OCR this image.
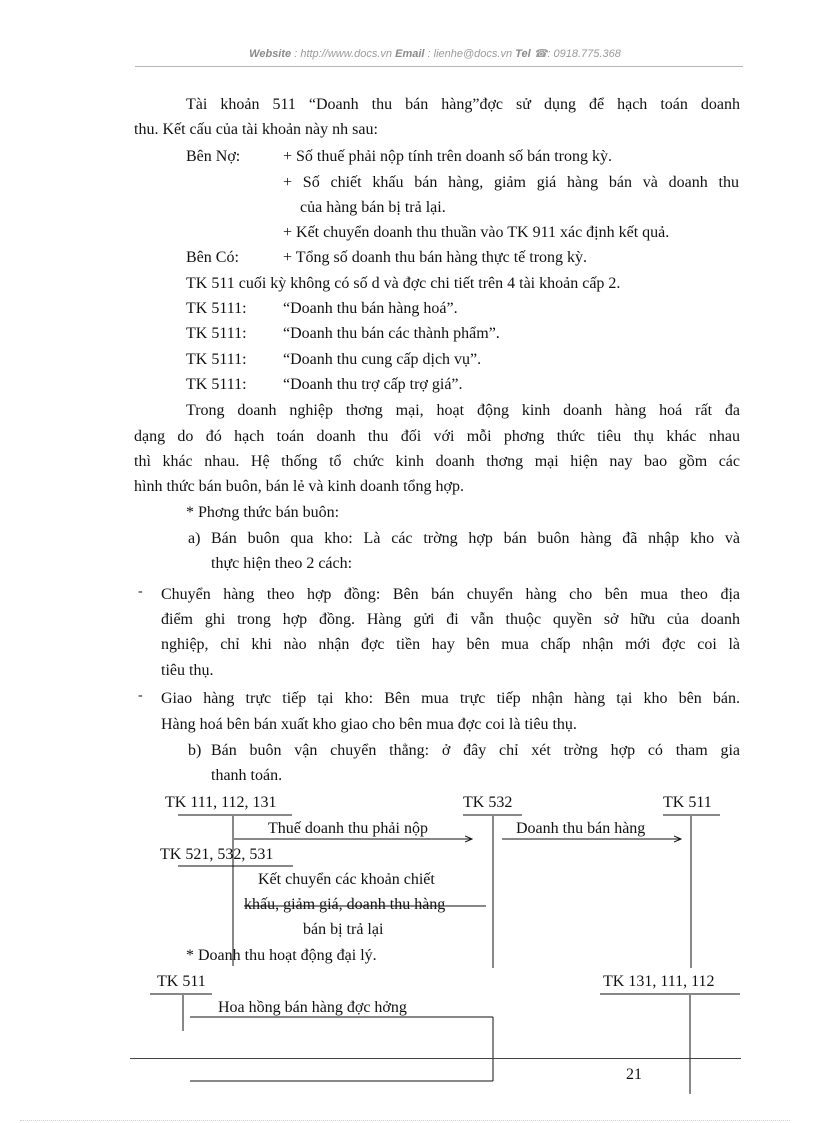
Website : http://www.docs.vn Email : lienhe@docs.vn Tel ☎: 0918.775.368
Tài khoản 511 “Doanh thu bán hàng”đợc sử dụng để hạch toán doanh
thu. Kết cấu của tài khoản này nh sau:
Bên Nợ:	+ Số thuế phải nộp tính trên doanh số bán trong kỳ.
+ Số chiết khấu bán hàng, giảm giá hàng bán và doanh thu
của hàng bán bị trả lại.
+ Kết chuyển doanh thu thuần vào TK 911 xác định kết quả.
Bên Có:	+ Tổng số doanh thu bán hàng thực tế trong kỳ.
TK 511 cuối kỳ không có số d và đợc chi tiết trên 4 tài khoản cấp 2.
TK 5111: “Doanh thu bán hàng hoá”.
TK 5111: “Doanh thu bán các thành phẩm”.
TK 5111: “Doanh thu cung cấp dịch vụ”.
TK 5111: “Doanh thu trợ cấp trợ giá”.
Trong doanh nghiệp thơng mại, hoạt động kinh doanh hàng hoá rất đa
dạng do đó hạch toán doanh thu đối với mỗi phơng thức tiêu thụ khác nhau
thì khác nhau. Hệ thống tổ chức kinh doanh thơng mại hiện nay bao gồm các
hình thức bán buôn, bán lẻ và kinh doanh tổng hợp.
* Phơng thức bán buôn:
a) Bán buôn qua kho: Là các trờng hợp bán buôn hàng đã nhập kho và
thực hiện theo 2 cách:
- Chuyển hàng theo hợp đồng: Bên bán chuyển hàng cho bên mua theo địa
điểm ghi trong hợp đồng. Hàng gửi đi vẫn thuộc quyền sở hữu của doanh
nghiệp, chỉ khi nào nhận đợc tiền hay bên mua chấp nhận mới đợc coi là
tiêu thụ.
- Giao hàng trực tiếp tại kho: Bên mua trực tiếp nhận hàng tại kho bên bán.
Hàng hoá bên bán xuất kho giao cho bên mua đợc coi là tiêu thụ.
b) Bán buôn vận chuyển thẳng: ở đây chỉ xét trờng hợp có tham gia
thanh toán.
TK 111, 112, 131	TK 532	TK 511
Thuế doanh thu phải nộp	Doanh thu bán hàng
TK 521, 532, 531
Kết chuyển các khoản chiết
khấu, giảm giá, doanh thu hàng
bán bị trả lại
* Doanh thu hoạt động đại lý.
TK 511	TK 131, 111, 112
Hoa hồng bán hàng đợc hởng
21
